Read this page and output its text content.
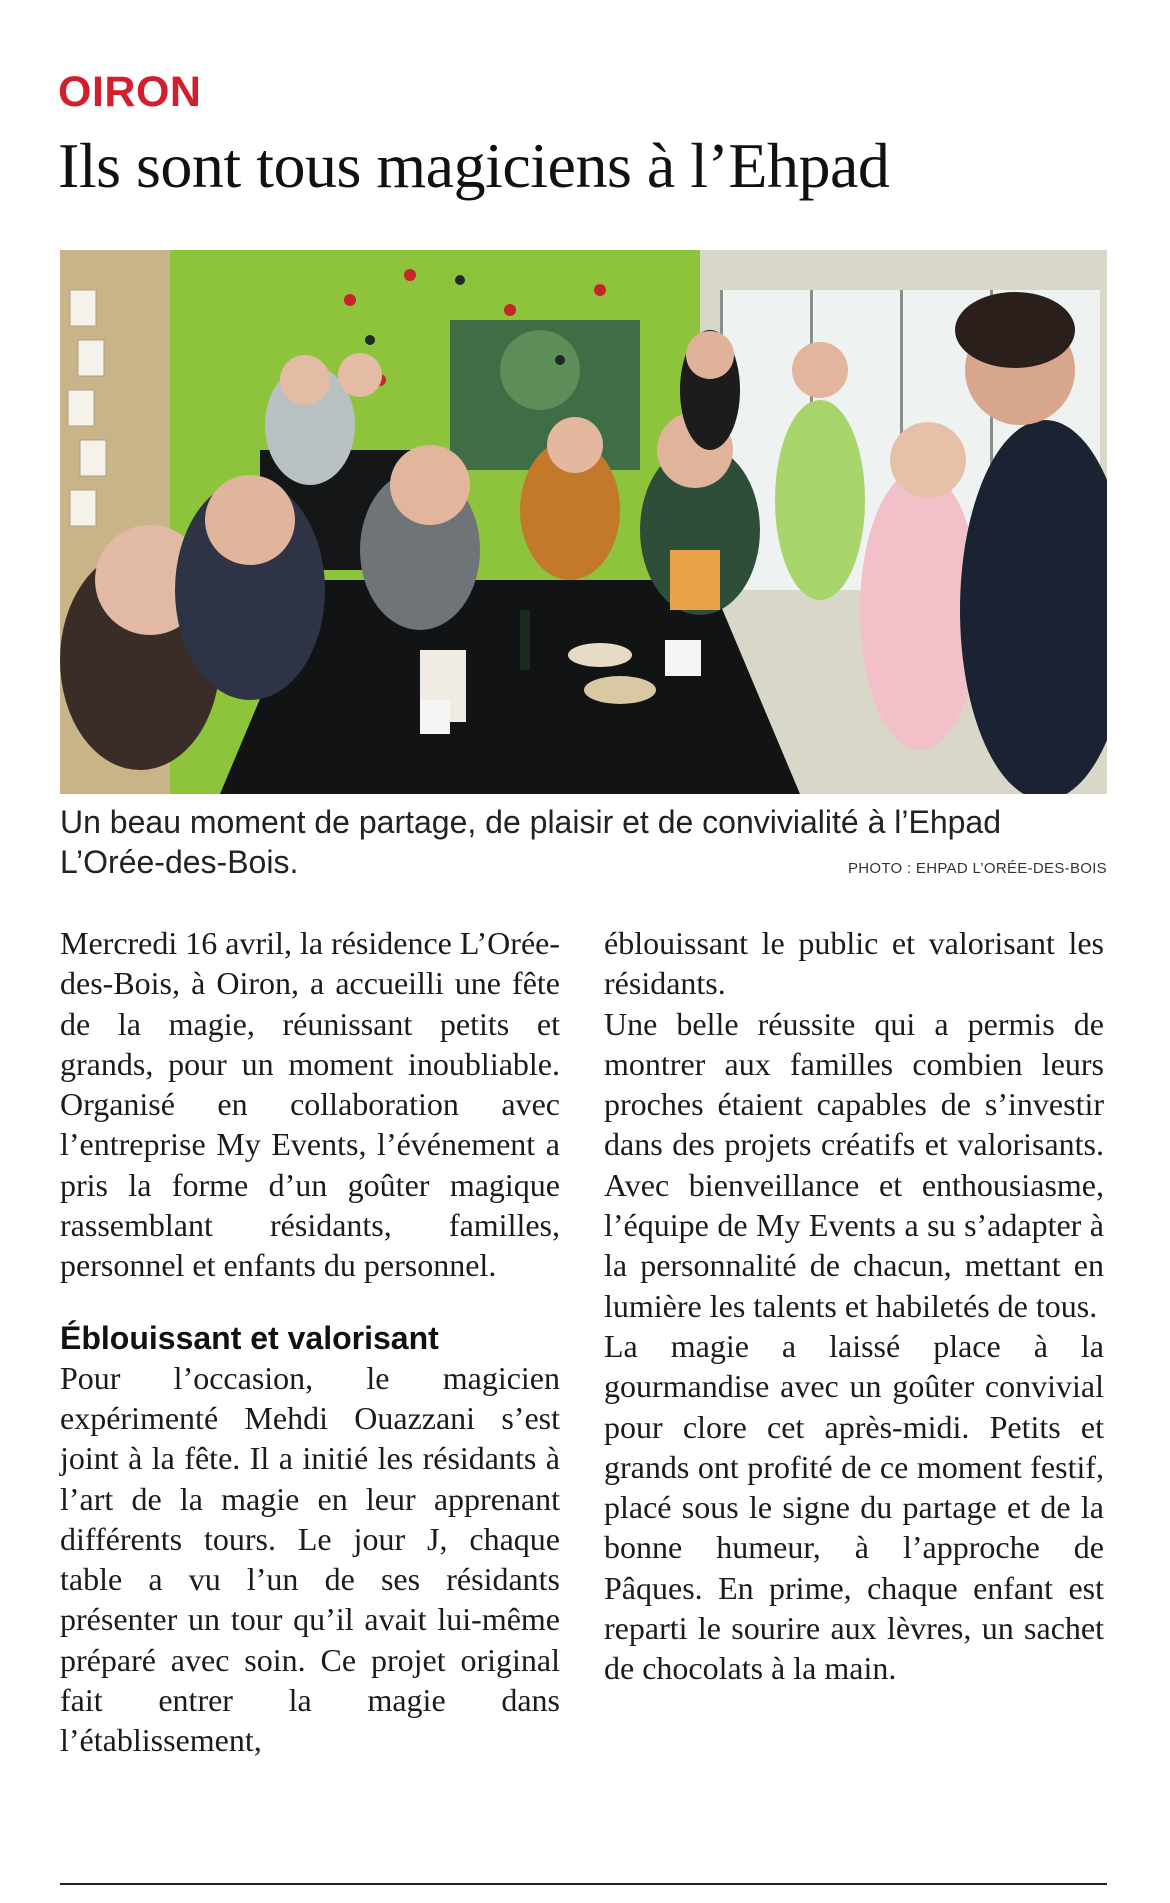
OIRON
Ils sont tous magiciens à l’Ehpad
Un beau moment de partage, de plaisir et de convivialité à l’Ehpad L’Orée-des-Bois.	PHOTO : EHPAD L’ORÉE-DES-BOIS

Mercredi 16 avril, la résidence L’Orée-des-Bois, à Oiron, a accueilli une fête de la magie, réunissant petits et grands, pour un moment inoubliable. Organisé en collaboration avec l’entreprise My Events, l’événement a pris la forme d’un goûter magique rassemblant résidants, familles, personnel et enfants du personnel.

Éblouissant et valorisant

Pour l’occasion, le magicien expérimenté Mehdi Ouazzani s’est joint à la fête. Il a initié les résidants à l’art de la magie en leur apprenant différents tours. Le jour J, chaque table a vu l’un de ses résidants présenter un tour qu’il avait lui-même préparé avec soin. Ce projet original fait entrer la magie dans l’établissement,

éblouissant le public et valorisant les résidants.

Une belle réussite qui a permis de montrer aux familles combien leurs proches étaient capables de s’investir dans des projets créatifs et valorisants. Avec bienveillance et enthousiasme, l’équipe de My Events a su s’adapter à la personnalité de chacun, mettant en lumière les talents et habiletés de tous.

La magie a laissé place à la gourmandise avec un goûter convivial pour clore cet après-midi. Petits et grands ont profité de ce moment festif, placé sous le signe du partage et de la bonne humeur, à l’approche de Pâques. En prime, chaque enfant est reparti le sourire aux lèvres, un sachet de chocolats à la main.
